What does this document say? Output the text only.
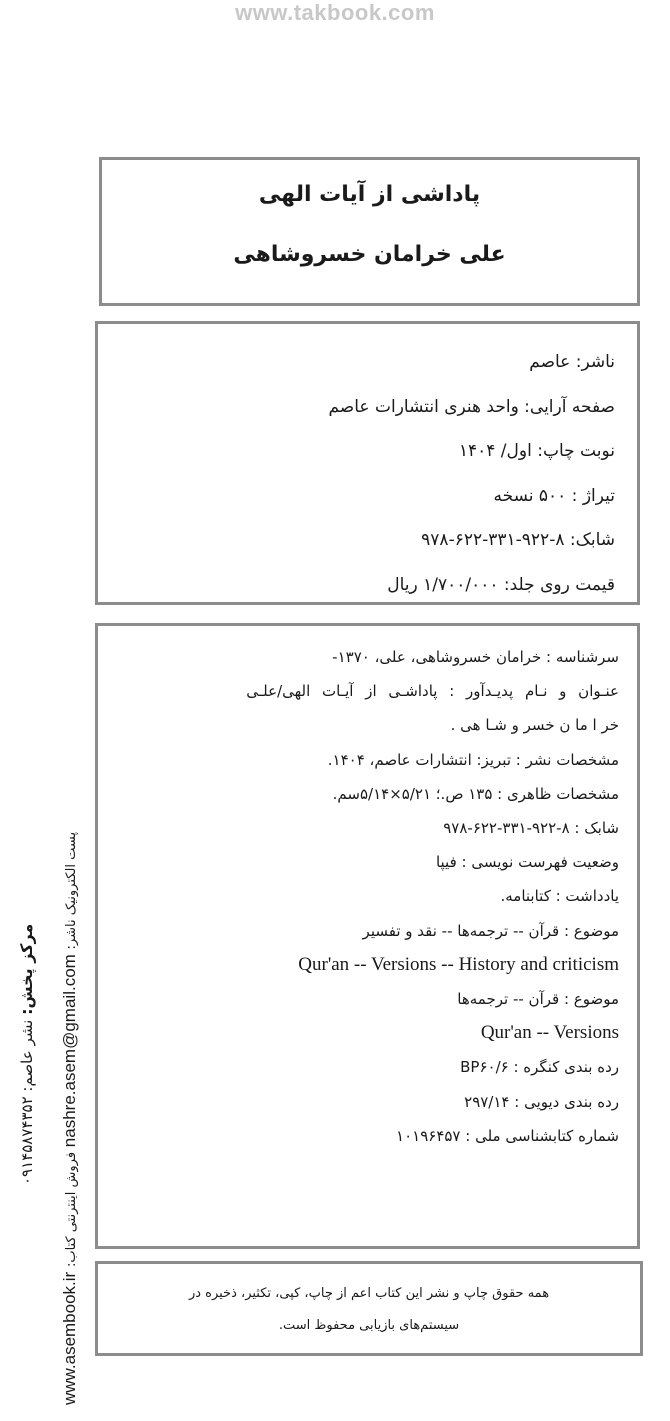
www.takbook.com
پاداشی از آیات الهی
علی خرامان خسروشاهی
ناشر: عاصم
صفحه آرایی: واحد هنری انتشارات عاصم
نوبت چاپ: اول/ ۱۴۰۴
تیراژ : ۵۰۰ نسخه
شابک: ۸-۹۲۲-۳۳۱-۶۲۲-۹۷۸
قیمت روی جلد: ۱/۷۰۰/۰۰۰ ریال
سرشناسه : خرامان خسروشاهی، علی، ۱۳۷۰-
عنـوان و نـام پدیـدآور : پاداشـی از آیـات الهی/علـی
خر ا ما ن خسر و شـا هی .
مشخصات نشر : تبریز: انتشارات عاصم، ۱۴۰۴.
مشخصات ظاهری : ۱۳۵ ص.؛ ۵/۲۱×۵/۱۴سم.
شابک : ۸-۹۲۲-۳۳۱-۶۲۲-۹۷۸
وضعیت فهرست نویسی : فیپا
یادداشت : کتابنامه.
موضوع : قرآن -- ترجمه‌ها -- نقد و تفسیر
Qur'an -- Versions -- History and criticism
موضوع : قرآن -- ترجمه‌ها
Qur'an -- Versions
رده بندی کنگره : BP۶۰/۶
رده بندی دیویی : ۲۹۷/۱۴
شماره کتابشناسی ملی : ۱۰۱۹۶۴۵۷
همه حقوق چاپ و نشر این کتاب اعم از چاپ، کپی، تکثیر، ذخیره در
سیستم‌های بازیابی محفوظ است.
مرکز پخش: نشر عاصم: ۰۹۱۴۵۸۷۴۳۵۲
www.asembook.ir فروش اینترنتی کتاب: nashre.asem@gmail.com پست الکترونیک ناشر:
